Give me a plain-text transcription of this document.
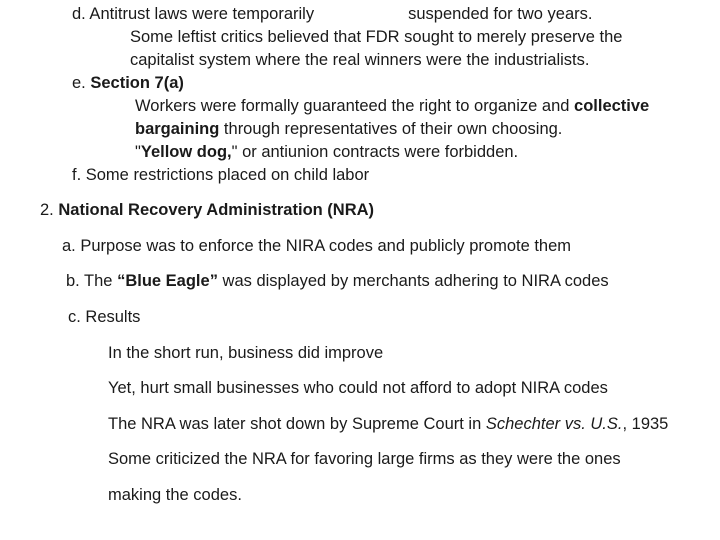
d. Antitrust laws were temporarily	suspended for two years.
Some leftist critics believed that FDR sought to merely preserve the
capitalist system where the real winners were the industrialists.
e. Section 7(a)
Workers were formally guaranteed the right to organize and collective
bargaining through representatives of their own choosing.
"Yellow dog," or antiunion contracts were forbidden.
f. Some restrictions placed on child labor
2. National Recovery Administration (NRA)
a. Purpose was to enforce the NIRA codes and publicly promote them
b. The “Blue Eagle” was displayed by merchants adhering to NIRA codes
c. Results
In the short run, business did improve
Yet, hurt small businesses who could not afford to adopt NIRA codes
The NRA was later shot down by Supreme Court in Schechter vs. U.S., 1935
Some criticized the NRA for favoring large firms as they were the ones
making the codes.
